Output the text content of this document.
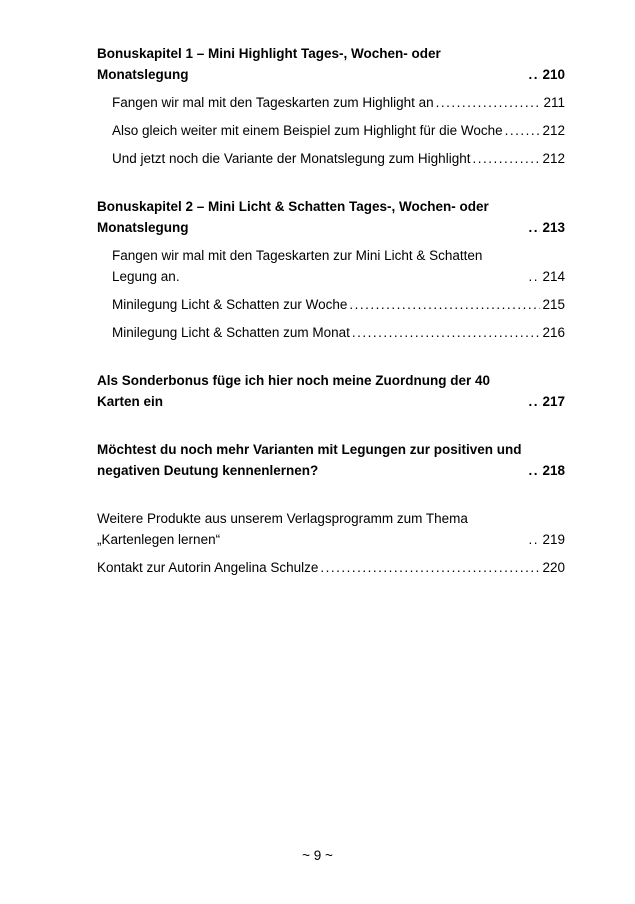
Bonuskapitel 1 – Mini Highlight Tages-, Wochen- oder Monatslegung .....	210
Fangen wir mal mit den Tageskarten zum Highlight an .....	211
Also gleich weiter mit einem Beispiel zum Highlight für die Woche .....	212
Und jetzt noch die Variante der Monatslegung zum Highlight .....	212
Bonuskapitel 2 – Mini Licht & Schatten Tages-, Wochen- oder Monatslegung .....	213
Fangen wir mal mit den Tageskarten zur Mini Licht & Schatten Legung an. .....	214
Minilegung Licht & Schatten zur Woche .....	215
Minilegung Licht & Schatten zum Monat .....	216
Als Sonderbonus füge ich hier noch meine Zuordnung der 40 Karten ein .....	217
Möchtest du noch mehr Varianten mit Legungen zur positiven und negativen Deutung kennenlernen? .....	218
Weitere Produkte aus unserem Verlagsprogramm zum Thema „Kartenlegen lernen“ .....	219
Kontakt zur Autorin Angelina Schulze .....	220
~ 9 ~
